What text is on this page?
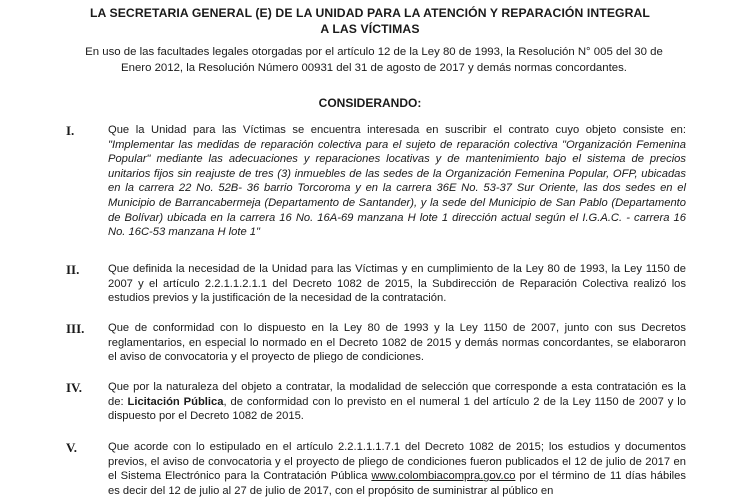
LA SECRETARIA GENERAL (E) DE LA UNIDAD PARA LA ATENCIÓN Y REPARACIÓN INTEGRAL
A LAS VÍCTIMAS
En uso de las facultades legales otorgadas por el artículo 12 de la Ley 80 de 1993, la Resolución N° 005 del 30 de
Enero 2012, la Resolución Número 00931 del 31 de agosto de 2017 y demás normas concordantes.
CONSIDERANDO:
I.	Que la Unidad para las Víctimas se encuentra interesada en suscribir el contrato cuyo objeto consiste en: "Implementar las medidas de reparación colectiva para el sujeto de reparación colectiva "Organización Femenina Popular" mediante las adecuaciones y reparaciones locativas y de mantenimiento bajo el sistema de precios unitarios fijos sin reajuste de tres (3) inmuebles de las sedes de la Organización Femenina Popular, OFP, ubicadas en la carrera 22 No. 52B- 36 barrio Torcoroma y en la carrera 36E No. 53-37 Sur Oriente, las dos sedes en el Municipio de Barrancabermeja (Departamento de Santander), y la sede del Municipio de San Pablo (Departamento de Bolívar) ubicada en la carrera 16 No. 16A-69 manzana H lote 1 dirección actual según el I.G.A.C. - carrera 16 No. 16C-53 manzana H lote 1"
II.	Que definida la necesidad de la Unidad para las Víctimas y en cumplimiento de la Ley 80 de 1993, la Ley 1150 de 2007 y el artículo 2.2.1.1.2.1.1 del Decreto 1082 de 2015, la Subdirección de Reparación Colectiva realizó los estudios previos y la justificación de la necesidad de la contratación.
III.	Que de conformidad con lo dispuesto en la Ley 80 de 1993 y la Ley 1150 de 2007, junto con sus Decretos reglamentarios, en especial lo normado en el Decreto 1082 de 2015 y demás normas concordantes, se elaboraron el aviso de convocatoria y el proyecto de pliego de condiciones.
IV.	Que por la naturaleza del objeto a contratar, la modalidad de selección que corresponde a esta contratación es la de: Licitación Pública, de conformidad con lo previsto en el numeral 1 del artículo 2 de la Ley 1150 de 2007 y lo dispuesto por el Decreto 1082 de 2015.
V.	Que acorde con lo estipulado en el artículo 2.2.1.1.1.7.1 del Decreto 1082 de 2015; los estudios y documentos previos, el aviso de convocatoria y el proyecto de pliego de condiciones fueron publicados el 12 de julio de 2017 en el Sistema Electrónico para la Contratación Pública www.colombiacompra.gov.co por el término de 11 días hábiles es decir del 12 de julio al 27 de julio de 2017, con el propósito de suministrar al público en
